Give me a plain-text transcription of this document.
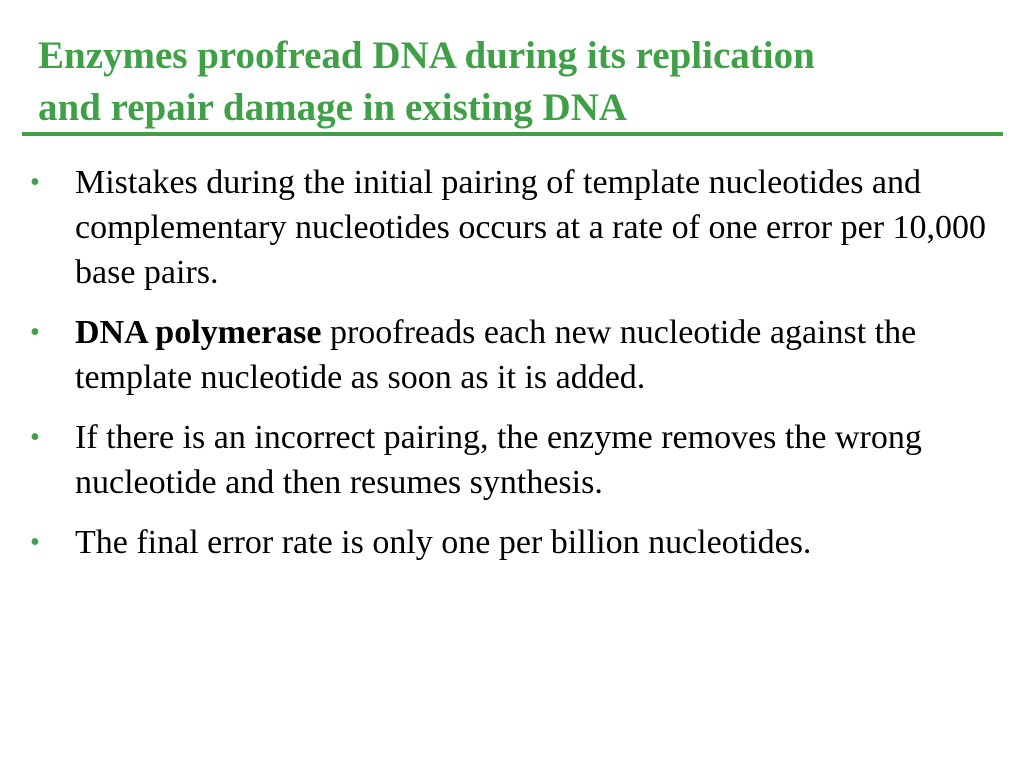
Enzymes proofread DNA during its replication
and repair damage in existing DNA
•	Mistakes during the initial pairing of template nucleotides and complementary nucleotides occurs at a rate of one error per 10,000 base pairs.
•	DNA polymerase proofreads each new nucleotide against the template nucleotide as soon as it is added.
•	If there is an incorrect pairing, the enzyme removes the wrong nucleotide and then resumes synthesis.
•	The final error rate is only one per billion nucleotides.
